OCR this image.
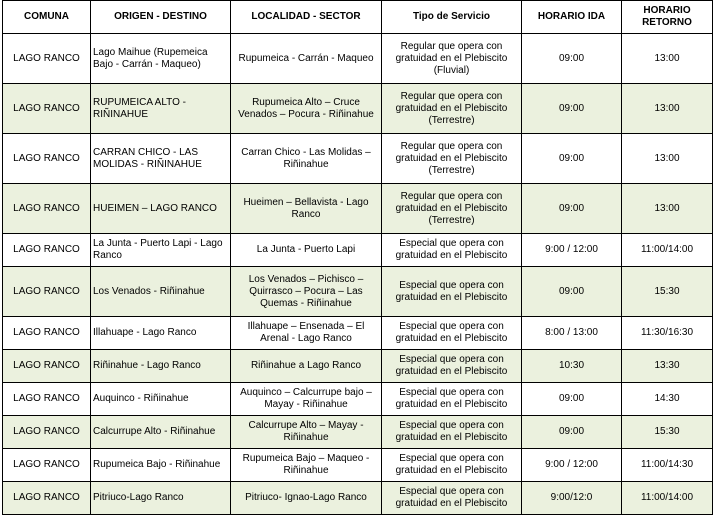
COMUNA	ORIGEN - DESTINO	LOCALIDAD - SECTOR	Tipo de Servicio	HORARIO IDA	HORARIO RETORNO
LAGO RANCO	Lago Maihue (Rupemeica Bajo - Carrán - Maqueo)	Rupumeica - Carrán - Maqueo	Regular que opera con gratuidad en el Plebiscito (Fluvial)	09:00	13:00
LAGO RANCO	RUPUMEICA ALTO - RIÑINAHUE	Rupumeica Alto – Cruce Venados – Pocura - Riñinahue	Regular que opera con gratuidad en el Plebiscito (Terrestre)	09:00	13:00
LAGO RANCO	CARRAN CHICO - LAS MOLIDAS - RIÑINAHUE	Carran Chico - Las Molidas – Riñinahue	Regular que opera con gratuidad en el Plebiscito (Terrestre)	09:00	13:00
LAGO RANCO	HUEIMEN – LAGO RANCO	Hueimen – Bellavista - Lago Ranco	Regular que opera con gratuidad en el Plebiscito (Terrestre)	09:00	13:00
LAGO RANCO	La Junta - Puerto Lapi - Lago Ranco	La Junta - Puerto Lapi	Especial que opera con gratuidad en el Plebiscito	9:00 / 12:00	11:00/14:00
LAGO RANCO	Los Venados - Riñinahue	Los Venados – Pichisco – Quirrasco – Pocura – Las Quemas - Riñinahue	Especial que opera con gratuidad en el Plebiscito	09:00	15:30
LAGO RANCO	Illahuape - Lago Ranco	Illahuape – Ensenada – El Arenal - Lago Ranco	Especial que opera con gratuidad en el Plebiscito	8:00 / 13:00	11:30/16:30
LAGO RANCO	Riñinahue - Lago Ranco	Riñinahue a Lago Ranco	Especial que opera con gratuidad en el Plebiscito	10:30	13:30
LAGO RANCO	Auquinco - Riñinahue	Auquinco – Calcurrupe bajo – Mayay - Riñinahue	Especial que opera con gratuidad en el Plebiscito	09:00	14:30
LAGO RANCO	Calcurrupe Alto - Riñinahue	Calcurrupe Alto – Mayay - Riñinahue	Especial que opera con gratuidad en el Plebiscito	09:00	15:30
LAGO RANCO	Rupumeica Bajo - Riñinahue	Rupumeica Bajo – Maqueo - Riñinahue	Especial que opera con gratuidad en el Plebiscito	9:00 / 12:00	11:00/14:30
LAGO RANCO	Pitriuco-Lago Ranco	Pitriuco- Ignao-Lago Ranco	Especial que opera con gratuidad en el Plebiscito	9:00/12:0	11:00/14:00
